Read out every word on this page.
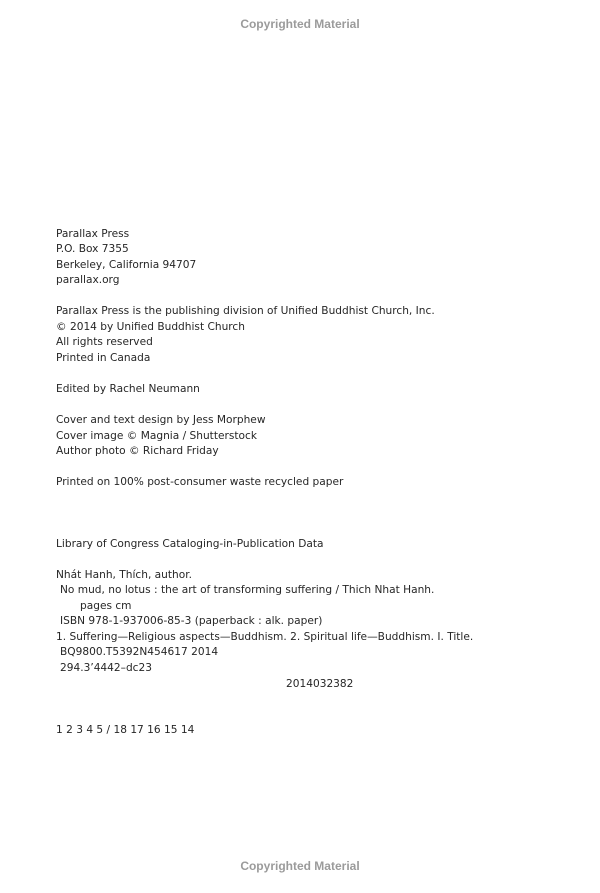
Copyrighted Material
Parallax Press
P.O. Box 7355
Berkeley, California 94707
parallax.org
Parallax Press is the publishing division of Unified Buddhist Church, Inc.
© 2014 by Unified Buddhist Church
All rights reserved
Printed in Canada
Edited by Rachel Neumann
Cover and text design by Jess Morphew
Cover image © Magnia / Shutterstock
Author photo © Richard Friday
Printed on 100% post-consumer waste recycled paper
Library of Congress Cataloging-in-Publication Data
Nhát Hanh, Thích, author.
No mud, no lotus : the art of transforming suffering / Thich Nhat Hanh.
pages cm
ISBN 978-1-937006-85-3 (paperback : alk. paper)
1. Suffering—Religious aspects—Buddhism. 2. Spiritual life—Buddhism. I. Title.
BQ9800.T5392N454617 2014
294.3’4442–dc23
2014032382
1 2 3 4 5 / 18 17 16 15 14
Copyrighted Material
